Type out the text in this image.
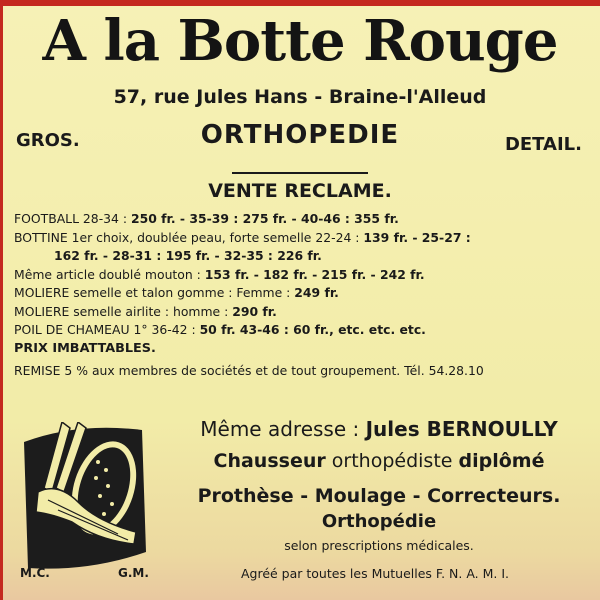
A la Botte Rouge
57, rue Jules Hans - Braine-l'Alleud
GROS.	ORTHOPEDIE	DETAIL.
VENTE RECLAME.
FOOTBALL 28-34 : 250 fr. - 35-39 : 275 fr. - 40-46 : 355 fr.
BOTTINE 1er choix, doublée peau, forte semelle 22-24 : 139 fr. - 25-27 :
162 fr. - 28-31 : 195 fr. - 32-35 : 226 fr.
Même article doublé mouton : 153 fr. - 182 fr. - 215 fr. - 242 fr.
MOLIERE semelle et talon gomme : Femme : 249 fr.
MOLIERE semelle airlite : homme : 290 fr.
POIL DE CHAMEAU 1° 36-42 : 50 fr. 43-46 : 60 fr., etc. etc. etc.
PRIX IMBATTABLES.
REMISE 5 % aux membres de sociétés et de tout groupement. Tél. 54.28.10
M.C.	G.M.
Même adresse : Jules BERNOULLY
Chausseur orthopédiste diplômé
Prothèse - Moulage - Correcteurs.
Orthopédie
selon prescriptions médicales.
Agréé par toutes les Mutuelles F. N. A. M. I.
